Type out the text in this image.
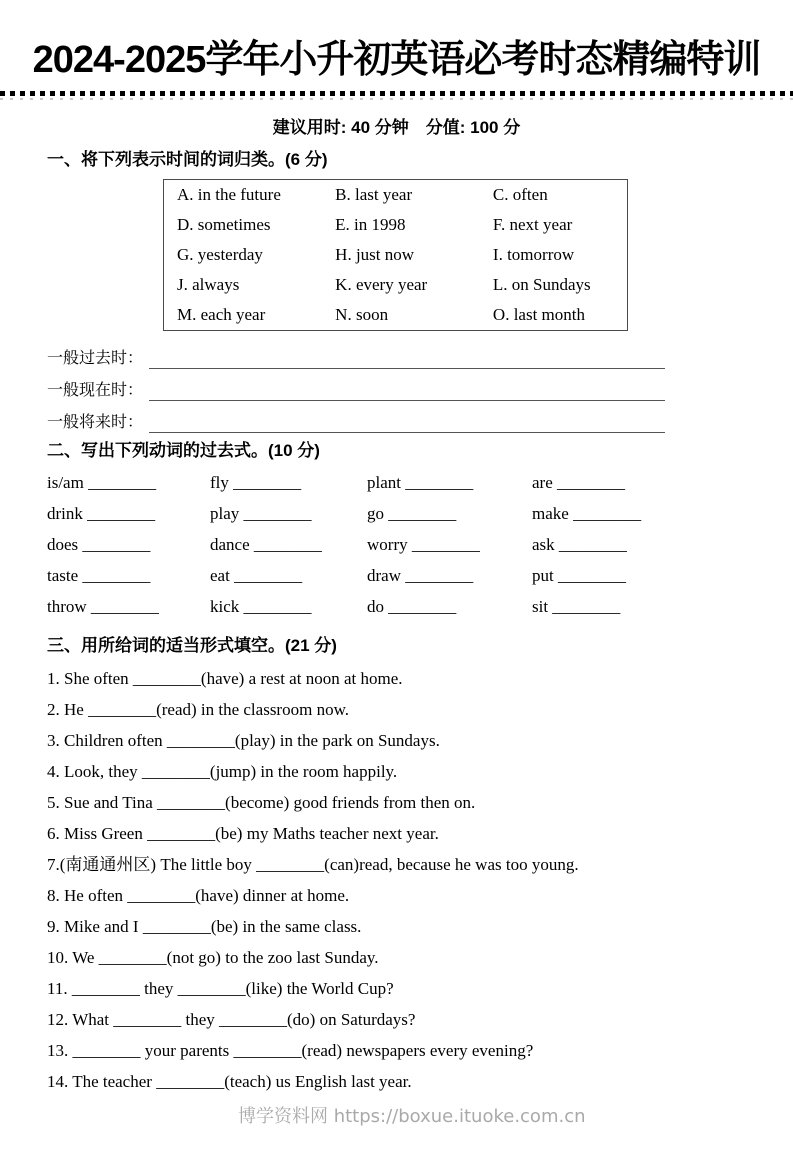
2024-2025学年小升初英语必考时态精编特训
建议用时: 40 分钟　分值: 100 分
一、将下列表示时间的词归类。(6 分)
A. in the future	B. last year	C. often
D. sometimes	E. in 1998	F. next year
G. yesterday	H. just now	I. tomorrow
J. always	K. every year	L. on Sundays
M. each year	N. soon	O. last month
一般过去时：
一般现在时：
一般将来时：
二、写出下列动词的过去式。(10 分)
is/am ________	fly ________	plant ________	are ________
drink ________	play ________	go ________	make ________
does ________	dance ________	worry ________	ask ________
taste ________	eat ________	draw ________	put ________
throw ________	kick ________	do ________	sit ________
三、用所给词的适当形式填空。(21 分)

1. She often ________(have) a rest at noon at home.

2. He ________(read) in the classroom now.

3. Children often ________(play) in the park on Sundays.

4. Look, they ________(jump) in the room happily.

5. Sue and Tina ________(become) good friends from then on.

6. Miss Green ________(be) my Maths teacher next year.

7.(南通通州区) The little boy ________(can)read, because he was too young.

8. He often ________(have) dinner at home.

9. Mike and I ________(be) in the same class.

10. We ________(not go) to the zoo last Sunday.

11. ________ they ________(like) the World Cup?

12. What ________ they ________(do) on Saturdays?

13. ________ your parents ________(read) newspapers every evening?

14. The teacher ________(teach) us English last year.

博学资料网 https://boxue.ituoke.com.cn
